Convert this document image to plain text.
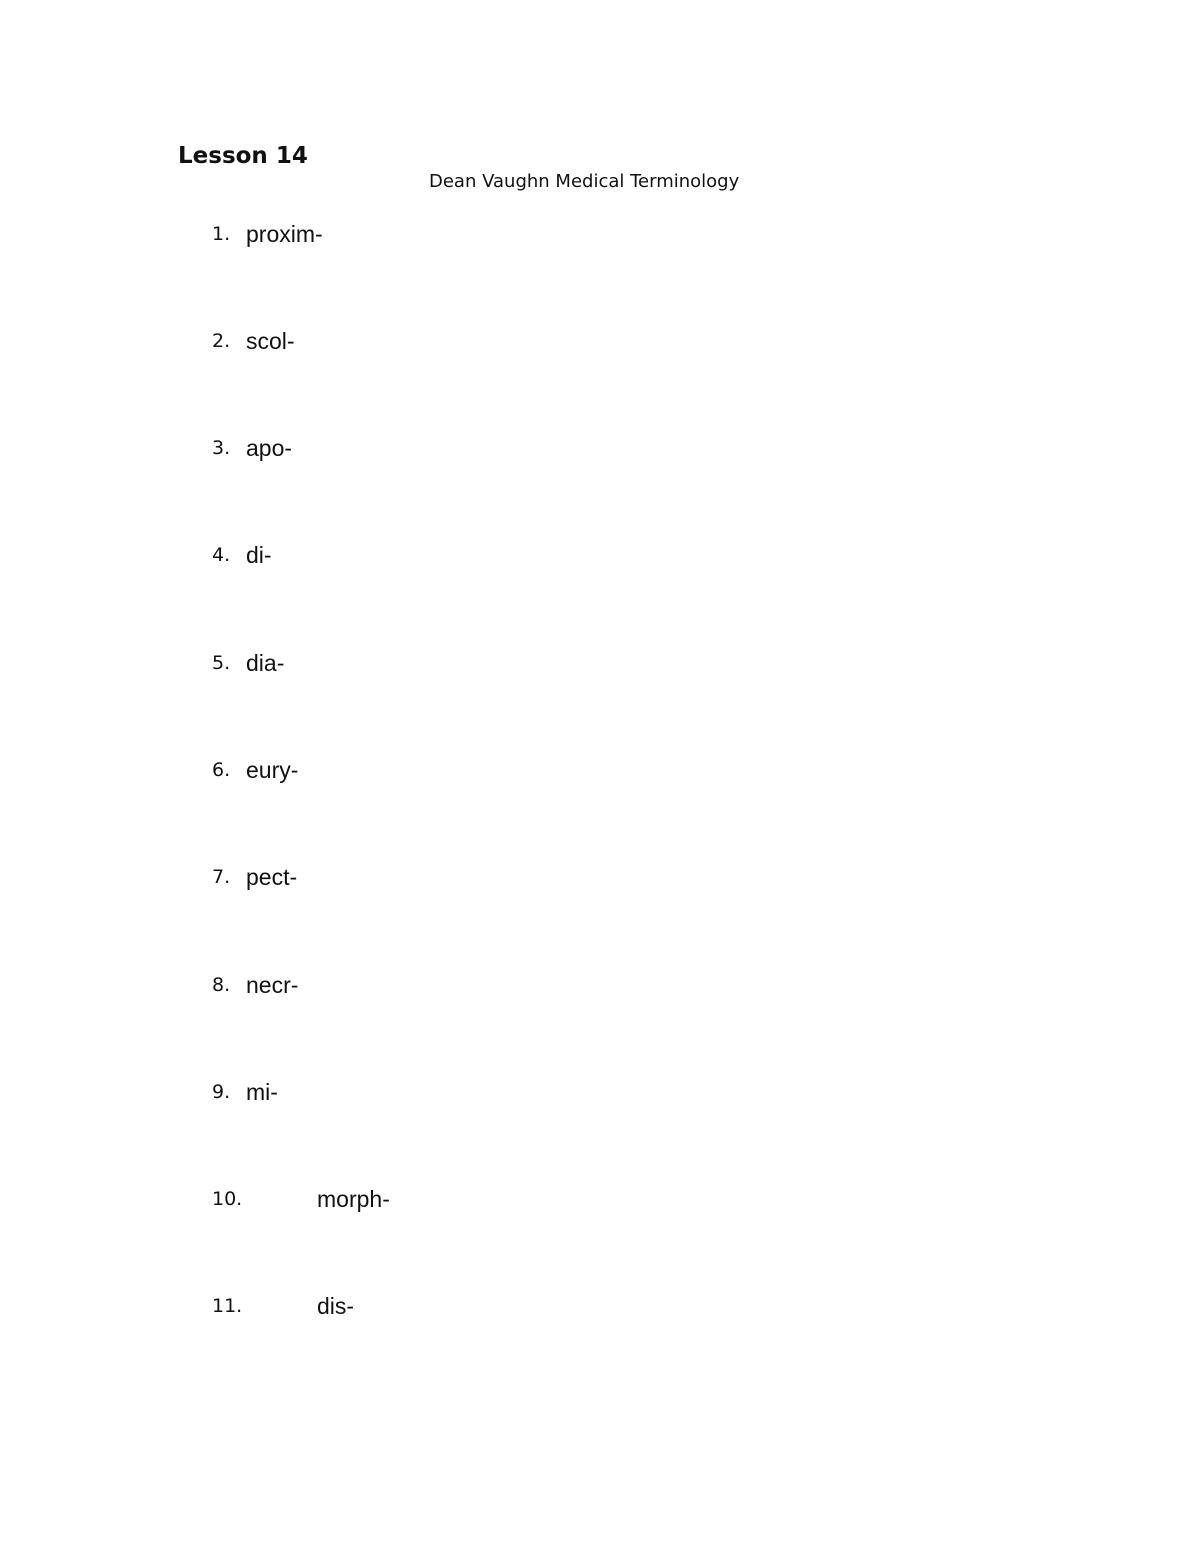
Lesson 14
Dean Vaughn Medical Terminology
1. proxim-
2. scol-
3. apo-
4. di-
5. dia-
6. eury-
7. pect-
8. necr-
9. mi-
10.	morph-
11.	dis-
